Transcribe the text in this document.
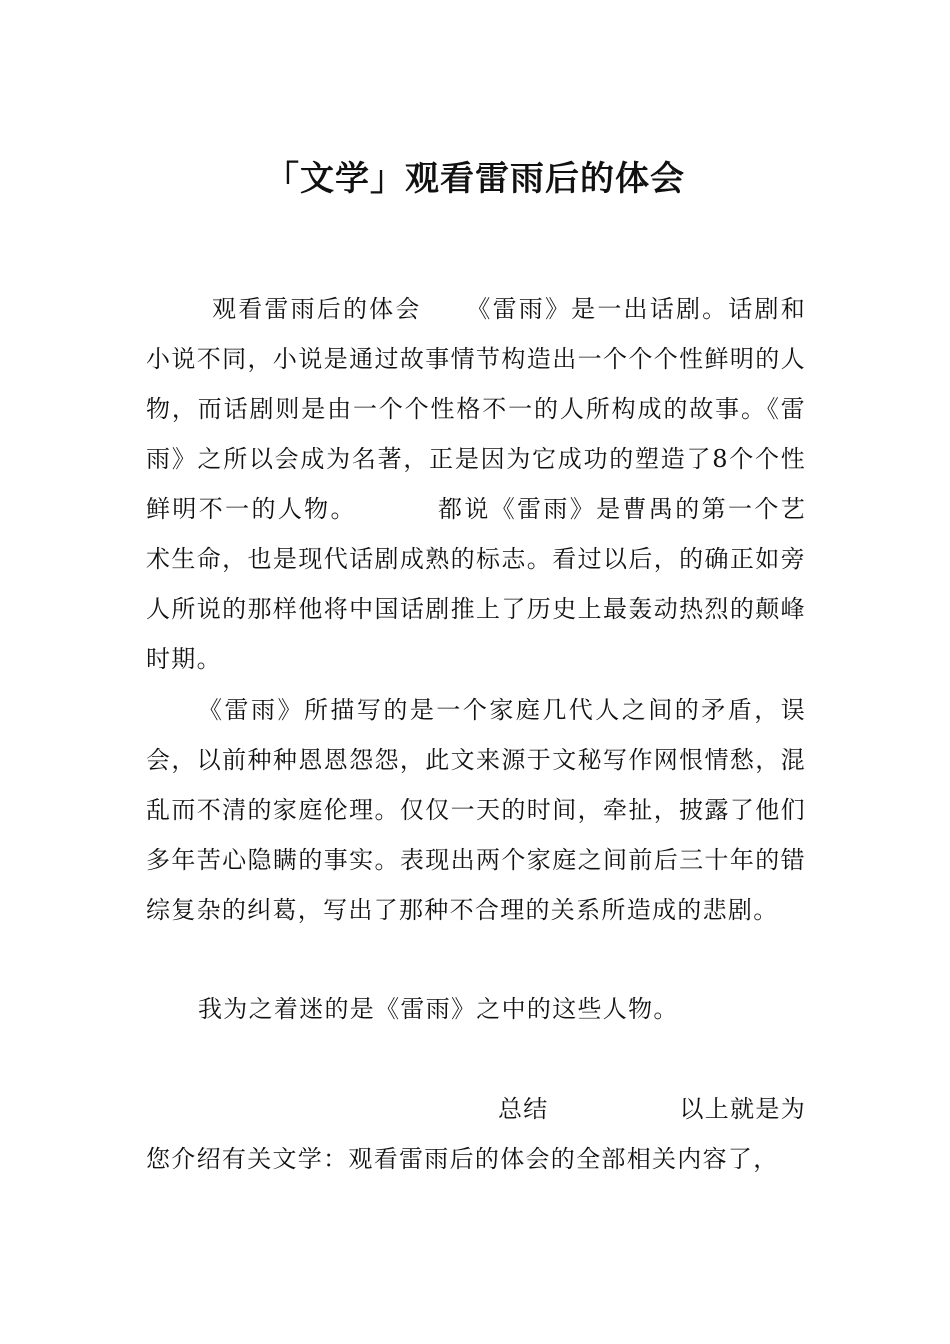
「文学」观看雷雨后的体会
观看雷雨后的体会 《雷雨》是一出话剧。话剧和小说不同，小说是通过故事情节构造出一个个个性鲜明的人物，而话剧则是由一个个性格不一的人所构成的故事。《雷雨》之所以会成为名著，正是因为它成功的塑造了8个个性鲜明不一的人物。	都说《雷雨》是曹禺的第一个艺术生命，也是现代话剧成熟的标志。看过以后，的确正如旁人所说的那样他将中国话剧推上了历史上最轰动热烈的颠峰时期。
《雷雨》所描写的是一个家庭几代人之间的矛盾，误会，以前种种恩恩怨怨，此文来源于文秘写作网恨情愁，混乱而不清的家庭伦理。仅仅一天的时间，牵扯，披露了他们多年苦心隐瞒的事实。表现出两个家庭之间前后三十年的错综复杂的纠葛，写出了那种不合理的关系所造成的悲剧。
我为之着迷的是《雷雨》之中的这些人物。
总结	以上就是为
您介绍有关文学：观看雷雨后的体会的全部相关内容了，
